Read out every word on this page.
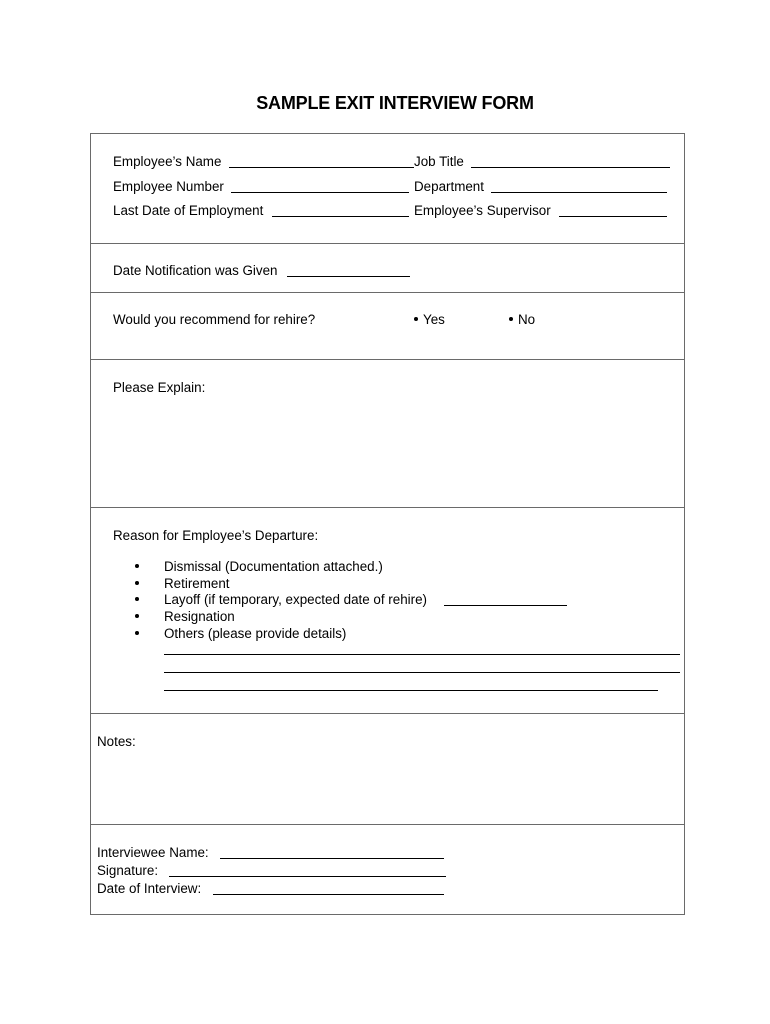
SAMPLE EXIT INTERVIEW FORM
Employee’s Name	Job Title
Employee Number	Department
Last Date of Employment	Employee’s Supervisor
Date Notification was Given
Would you recommend for rehire?	Yes	No
Please Explain:
Reason for Employee’s Departure:
Dismissal (Documentation attached.)
Retirement
Layoff (if temporary, expected date of rehire)
Resignation
Others (please provide details)
Notes:
Interviewee Name:
Signature:
Date of Interview:
